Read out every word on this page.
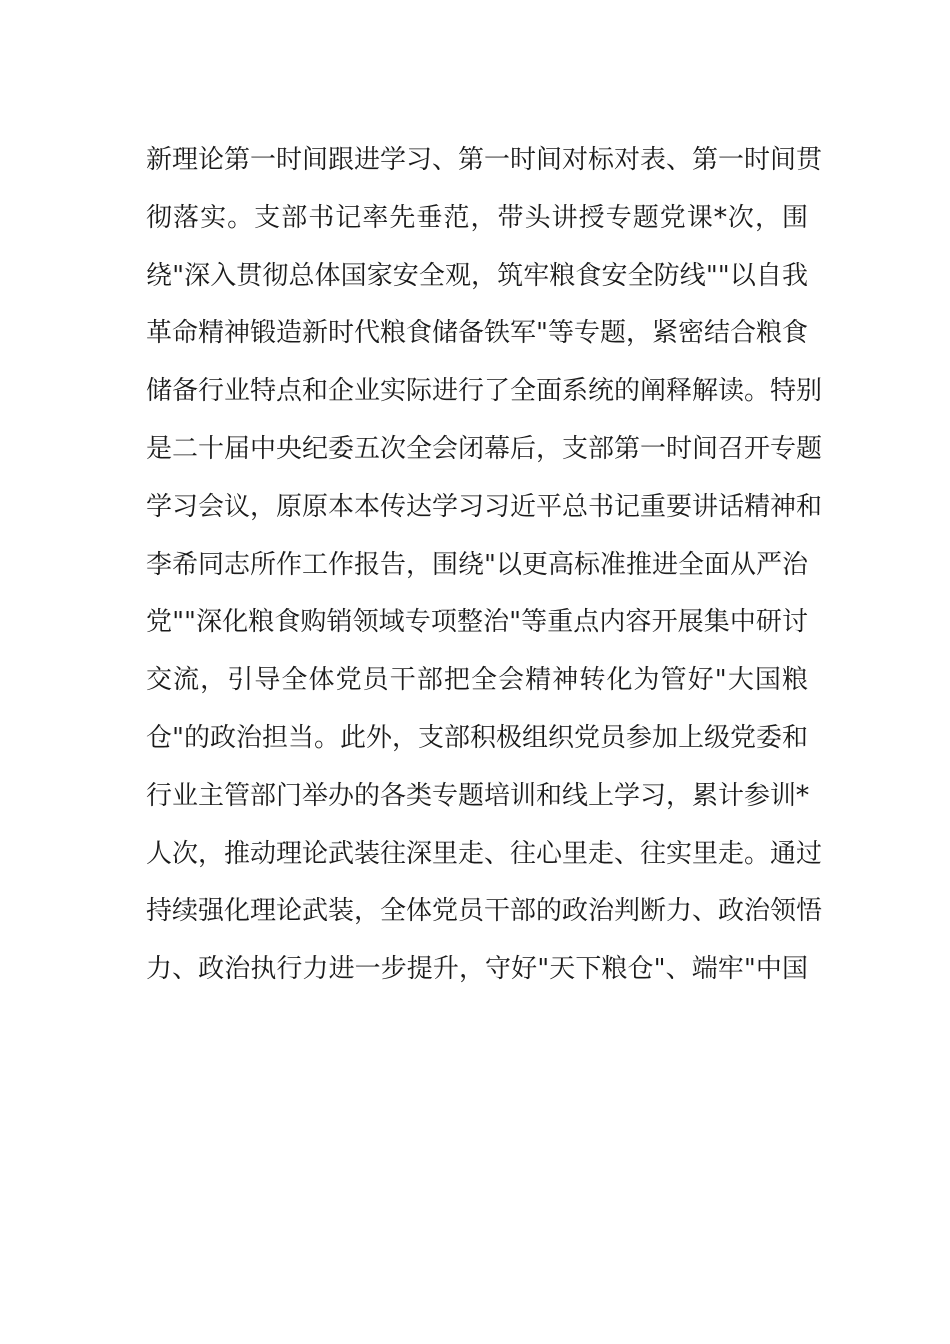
新理论第一时间跟进学习、第一时间对标对表、第一时间贯
彻落实。支部书记率先垂范，带头讲授专题党课*次，围
绕"深入贯彻总体国家安全观，筑牢粮食安全防线""以自我
革命精神锻造新时代粮食储备铁军"等专题，紧密结合粮食
储备行业特点和企业实际进行了全面系统的阐释解读。特别
是二十届中央纪委五次全会闭幕后，支部第一时间召开专题
学习会议，原原本本传达学习习近平总书记重要讲话精神和
李希同志所作工作报告，围绕"以更高标准推进全面从严治
党""深化粮食购销领域专项整治"等重点内容开展集中研讨
交流，引导全体党员干部把全会精神转化为管好"大国粮
仓"的政治担当。此外，支部积极组织党员参加上级党委和
行业主管部门举办的各类专题培训和线上学习，累计参训*
人次，推动理论武装往深里走、往心里走、往实里走。通过
持续强化理论武装，全体党员干部的政治判断力、政治领悟
力、政治执行力进一步提升，守好"天下粮仓"、端牢"中国
